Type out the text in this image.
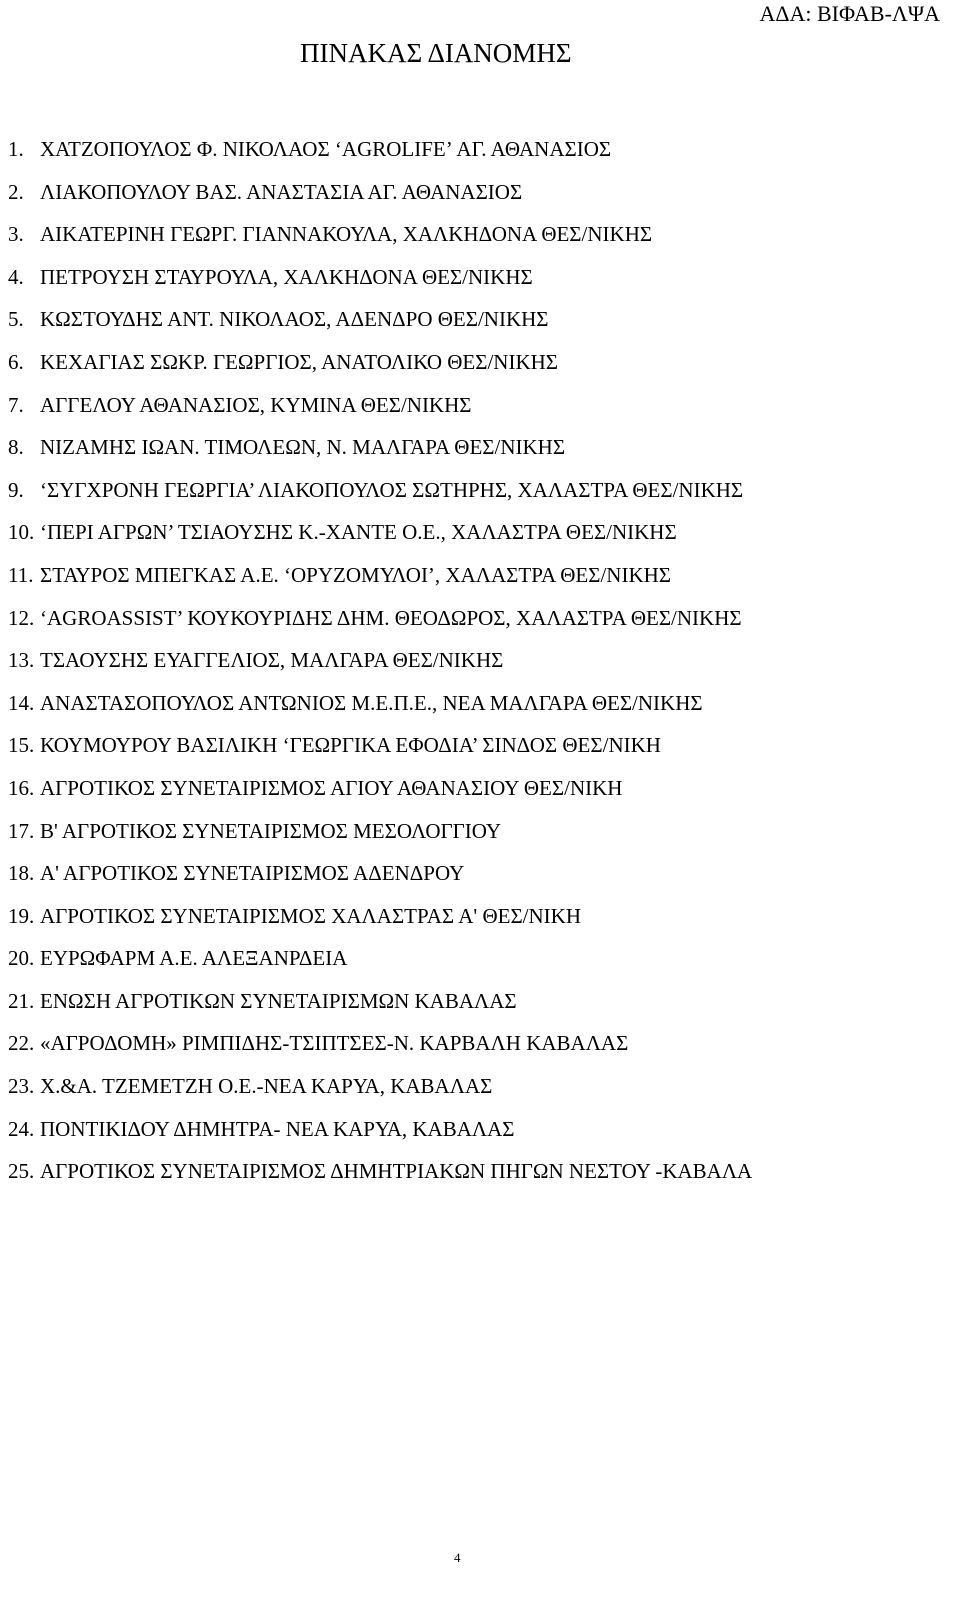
ΑΔΑ: ΒΙΦΑΒ-ΛΨΑ
ΠΙΝΑΚΑΣ ΔΙΑΝΟΜΗΣ
1. ΧΑΤΖΟΠΟΥΛΟΣ Φ. ΝΙΚΟΛΑΟΣ ‘AGROLIFE’ ΑΓ. ΑΘΑΝΑΣΙΟΣ
2. ΛΙΑΚΟΠΟΥΛΟΥ ΒΑΣ. ΑΝΑΣΤΑΣΙΑ ΑΓ. ΑΘΑΝΑΣΙΟΣ
3. ΑΙΚΑΤΕΡΙΝΗ ΓΕΩΡΓ. ΓΙΑΝΝΑΚΟΥΛΑ, ΧΑΛΚΗΔΟΝΑ ΘΕΣ/ΝΙΚΗΣ
4. ΠΕΤΡΟΥΣΗ ΣΤΑΥΡΟΥΛΑ, ΧΑΛΚΗΔΟΝΑ ΘΕΣ/ΝΙΚΗΣ
5. ΚΩΣΤΟΥΔΗΣ ΑΝΤ. ΝΙΚΟΛΑΟΣ, ΑΔΕΝΔΡΟ ΘΕΣ/ΝΙΚΗΣ
6. ΚΕΧΑΓΙΑΣ ΣΩΚΡ. ΓΕΩΡΓΙΟΣ, ΑΝΑΤΟΛΙΚΟ ΘΕΣ/ΝΙΚΗΣ
7. ΑΓΓΕΛΟΥ ΑΘΑΝΑΣΙΟΣ, ΚΥΜΙΝΑ ΘΕΣ/ΝΙΚΗΣ
8. ΝΙΖΑΜΗΣ ΙΩΑΝ. ΤΙΜΟΛΕΩΝ, Ν. ΜΑΛΓΑΡΑ ΘΕΣ/ΝΙΚΗΣ
9. ‘ΣΥΓΧΡΟΝΗ ΓΕΩΡΓΙΑ’ ΛΙΑΚΟΠΟΥΛΟΣ ΣΩΤΗΡΗΣ, ΧΑΛΑΣΤΡΑ ΘΕΣ/ΝΙΚΗΣ
10. ‘ΠΕΡΙ ΑΓΡΩΝ’ ΤΣΙΑΟΥΣΗΣ Κ.-ΧΑΝΤΕ Ο.Ε., ΧΑΛΑΣΤΡΑ ΘΕΣ/ΝΙΚΗΣ
11. ΣΤΑΥΡΟΣ ΜΠΕΓΚΑΣ Α.Ε. ‘ΟΡΥΖΟΜΥΛΟΙ’, ΧΑΛΑΣΤΡΑ ΘΕΣ/ΝΙΚΗΣ
12. ‘AGROASSIST’ ΚΟΥΚΟΥΡΙΔΗΣ ΔΗΜ. ΘΕΟΔΩΡΟΣ, ΧΑΛΑΣΤΡΑ ΘΕΣ/ΝΙΚΗΣ
13. ΤΣΑΟΥΣΗΣ ΕΥΑΓΓΕΛΙΟΣ, ΜΑΛΓΑΡΑ ΘΕΣ/ΝΙΚΗΣ
14. ΑΝΑΣΤΑΣΟΠΟΥΛΟΣ ΑΝΤΩΝΙΟΣ Μ.Ε.Π.Ε., ΝΕΑ ΜΑΛΓΑΡΑ ΘΕΣ/ΝΙΚΗΣ
15. ΚΟΥΜΟΥΡΟΥ ΒΑΣΙΛΙΚΗ ‘ΓΕΩΡΓΙΚΑ ΕΦΟΔΙΑ’ ΣΙΝΔΟΣ ΘΕΣ/ΝΙΚΗ
16. ΑΓΡΟΤΙΚΟΣ ΣΥΝΕΤΑΙΡΙΣΜΟΣ ΑΓΙΟΥ ΑΘΑΝΑΣΙΟΥ ΘΕΣ/ΝΙΚΗ
17. Β' ΑΓΡΟΤΙΚΟΣ ΣΥΝΕΤΑΙΡΙΣΜΟΣ ΜΕΣΟΛΟΓΓΙΟΥ
18. Α' ΑΓΡΟΤΙΚΟΣ ΣΥΝΕΤΑΙΡΙΣΜΟΣ ΑΔΕΝΔΡΟΥ
19. ΑΓΡΟΤΙΚΟΣ ΣΥΝΕΤΑΙΡΙΣΜΟΣ ΧΑΛΑΣΤΡΑΣ Α' ΘΕΣ/ΝΙΚΗ
20. ΕΥΡΩΦΑΡΜ Α.Ε. ΑΛΕΞΑΝΡΔΕΙΑ
21. ΕΝΩΣΗ ΑΓΡΟΤΙΚΩΝ ΣΥΝΕΤΑΙΡΙΣΜΩΝ ΚΑΒΑΛΑΣ
22. «ΑΓΡΟΔΟΜΗ» ΡΙΜΠΙΔΗΣ-ΤΣΙΠΤΣΕΣ-Ν. ΚΑΡΒΑΛΗ ΚΑΒΑΛΑΣ
23. Χ.&Α. ΤΖΕΜΕΤΖΗ Ο.Ε.-ΝΕΑ ΚΑΡΥΑ, ΚΑΒΑΛΑΣ
24. ΠΟΝΤΙΚΙΔΟΥ ΔΗΜΗΤΡΑ- ΝΕΑ ΚΑΡΥΑ, ΚΑΒΑΛΑΣ
25. ΑΓΡΟΤΙΚΟΣ ΣΥΝΕΤΑΙΡΙΣΜΟΣ ΔΗΜΗΤΡΙΑΚΩΝ ΠΗΓΩΝ ΝΕΣΤΟΥ -ΚΑΒΑΛΑ
4
